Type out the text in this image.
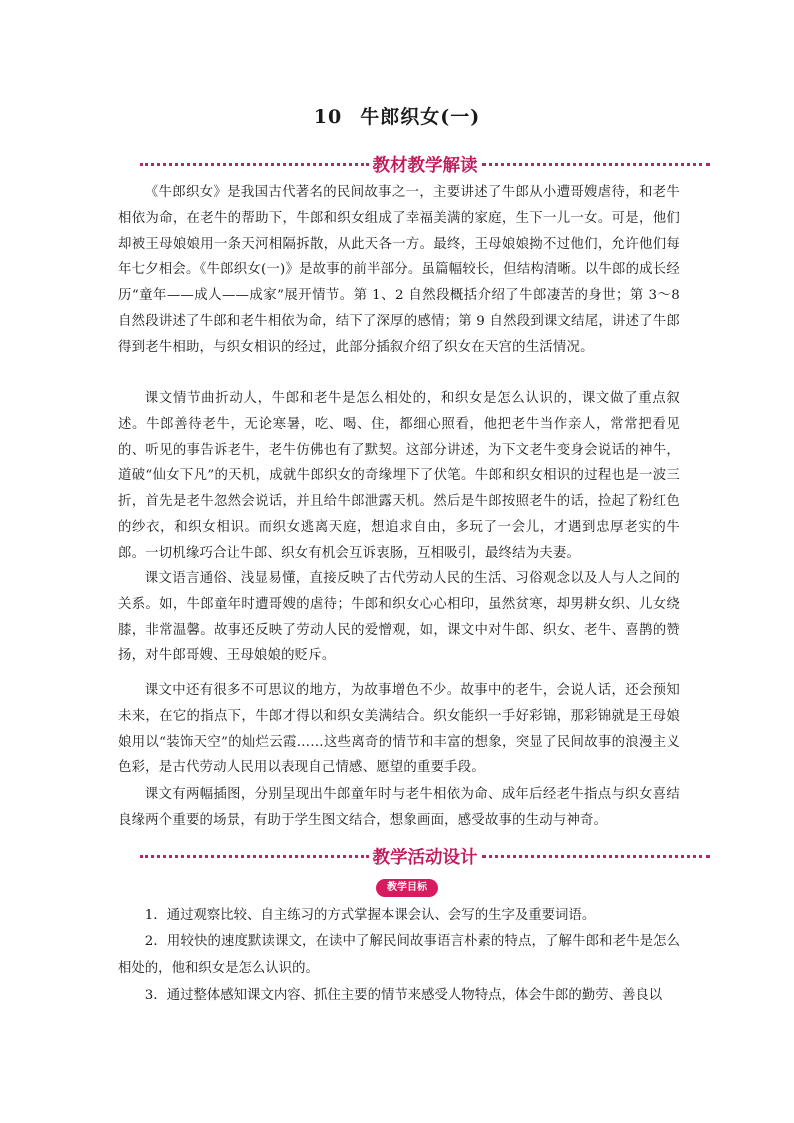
10 牛郎织女(一)
教材教学解读

《牛郎织女》是我国古代著名的民间故事之一，主要讲述了牛郎从小遭哥嫂虐待，和老牛相依为命，在老牛的帮助下，牛郎和织女组成了幸福美满的家庭，生下一儿一女。可是，他们却被王母娘娘用一条天河相隔拆散，从此天各一方。最终，王母娘娘拗不过他们，允许他们每年七夕相会。《牛郎织女(一)》是故事的前半部分。虽篇幅较长，但结构清晰。以牛郎的成长经历“童年——成人——成家”展开情节。第 1、2 自然段概括介绍了牛郎凄苦的身世；第 3～8 自然段讲述了牛郎和老牛相依为命，结下了深厚的感情；第 9 自然段到课文结尾，讲述了牛郎得到老牛相助，与织女相识的经过，此部分插叙介绍了织女在天宫的生活情况。

课文情节曲折动人，牛郎和老牛是怎么相处的，和织女是怎么认识的，课文做了重点叙述。牛郎善待老牛，无论寒暑，吃、喝、住，都细心照看，他把老牛当作亲人，常常把看见的、听见的事告诉老牛，老牛仿佛也有了默契。这部分讲述，为下文老牛变身会说话的神牛，道破“仙女下凡”的天机，成就牛郎织女的奇缘埋下了伏笔。牛郎和织女相识的过程也是一波三折，首先是老牛忽然会说话，并且给牛郎泄露天机。然后是牛郎按照老牛的话，捡起了粉红色的纱衣，和织女相识。而织女逃离天庭，想追求自由，多玩了一会儿，才遇到忠厚老实的牛郎。一切机缘巧合让牛郎、织女有机会互诉衷肠，互相吸引，最终结为夫妻。

课文语言通俗、浅显易懂，直接反映了古代劳动人民的生活、习俗观念以及人与人之间的关系。如，牛郎童年时遭哥嫂的虐待；牛郎和织女心心相印，虽然贫寒，却男耕女织、儿女绕膝，非常温馨。故事还反映了劳动人民的爱憎观，如，课文中对牛郎、织女、老牛、喜鹊的赞扬，对牛郎哥嫂、王母娘娘的贬斥。

课文中还有很多不可思议的地方，为故事增色不少。故事中的老牛，会说人话，还会预知未来，在它的指点下，牛郎才得以和织女美满结合。织女能织一手好彩锦，那彩锦就是王母娘娘用以“装饰天空”的灿烂云霞……这些离奇的情节和丰富的想象，突显了民间故事的浪漫主义色彩，是古代劳动人民用以表现自己情感、愿望的重要手段。

课文有两幅插图，分别呈现出牛郎童年时与老牛相依为命、成年后经老牛指点与织女喜结良缘两个重要的场景，有助于学生图文结合，想象画面，感受故事的生动与神奇。

教学活动设计
教学目标

1．通过观察比较、自主练习的方式掌握本课会认、会写的生字及重要词语。

2．用较快的速度默读课文，在读中了解民间故事语言朴素的特点，了解牛郎和老牛是怎么相处的，他和织女是怎么认识的。

3．通过整体感知课文内容、抓住主要的情节来感受人物特点，体会牛郎的勤劳、善良以
